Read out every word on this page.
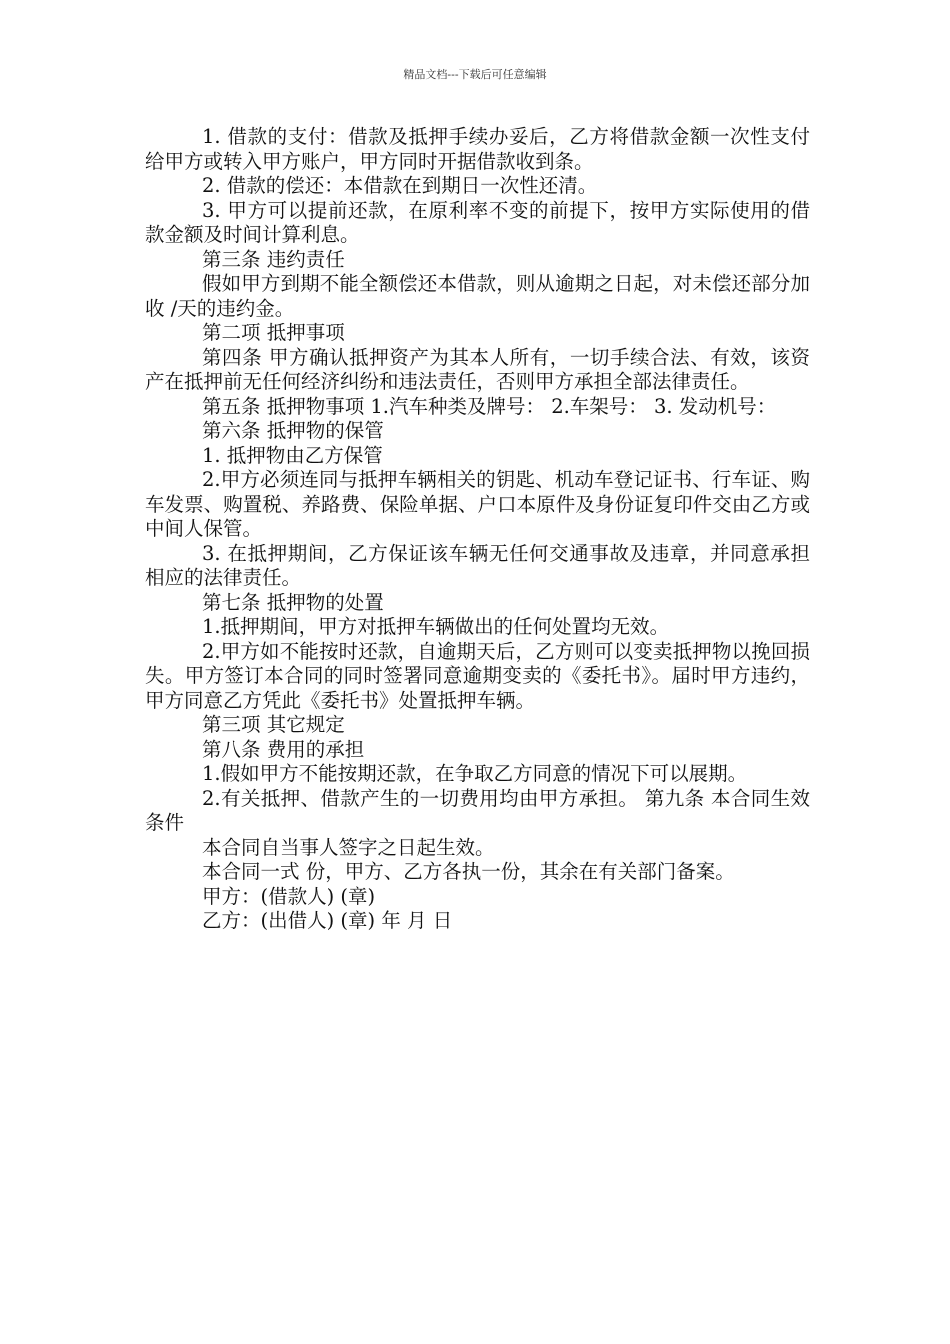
精品文档---下载后可任意编辑

1. 借款的支付：借款及抵押手续办妥后，乙方将借款金额一次性支付给甲方或转入甲方账户，甲方同时开据借款收到条。

2. 借款的偿还：本借款在到期日一次性还清。

3. 甲方可以提前还款，在原利率不变的前提下，按甲方实际使用的借款金额及时间计算利息。

第三条 违约责任

假如甲方到期不能全额偿还本借款，则从逾期之日起，对未偿还部分加收 /天的违约金。

第二项 抵押事项

第四条 甲方确认抵押资产为其本人所有，一切手续合法、有效，该资产在抵押前无任何经济纠纷和违法责任，否则甲方承担全部法律责任。

第五条 抵押物事项 1.汽车种类及牌号： 2.车架号： 3. 发动机号：

第六条 抵押物的保管

1. 抵押物由乙方保管

2.甲方必须连同与抵押车辆相关的钥匙、机动车登记证书、行车证、购车发票、购置税、养路费、保险单据、户口本原件及身份证复印件交由乙方或中间人保管。

3. 在抵押期间，乙方保证该车辆无任何交通事故及违章，并同意承担相应的法律责任。

第七条 抵押物的处置

1.抵押期间，甲方对抵押车辆做出的任何处置均无效。

2.甲方如不能按时还款，自逾期天后，乙方则可以变卖抵押物以挽回损失。甲方签订本合同的同时签署同意逾期变卖的《委托书》。届时甲方违约，甲方同意乙方凭此《委托书》处置抵押车辆。

第三项 其它规定

第八条 费用的承担

1.假如甲方不能按期还款，在争取乙方同意的情况下可以展期。

2.有关抵押、借款产生的一切费用均由甲方承担。 第九条 本合同生效条件

本合同自当事人签字之日起生效。

本合同一式 份，甲方、乙方各执一份，其余在有关部门备案。

甲方：(借款人) (章)

乙方：(出借人) (章) 年 月 日
